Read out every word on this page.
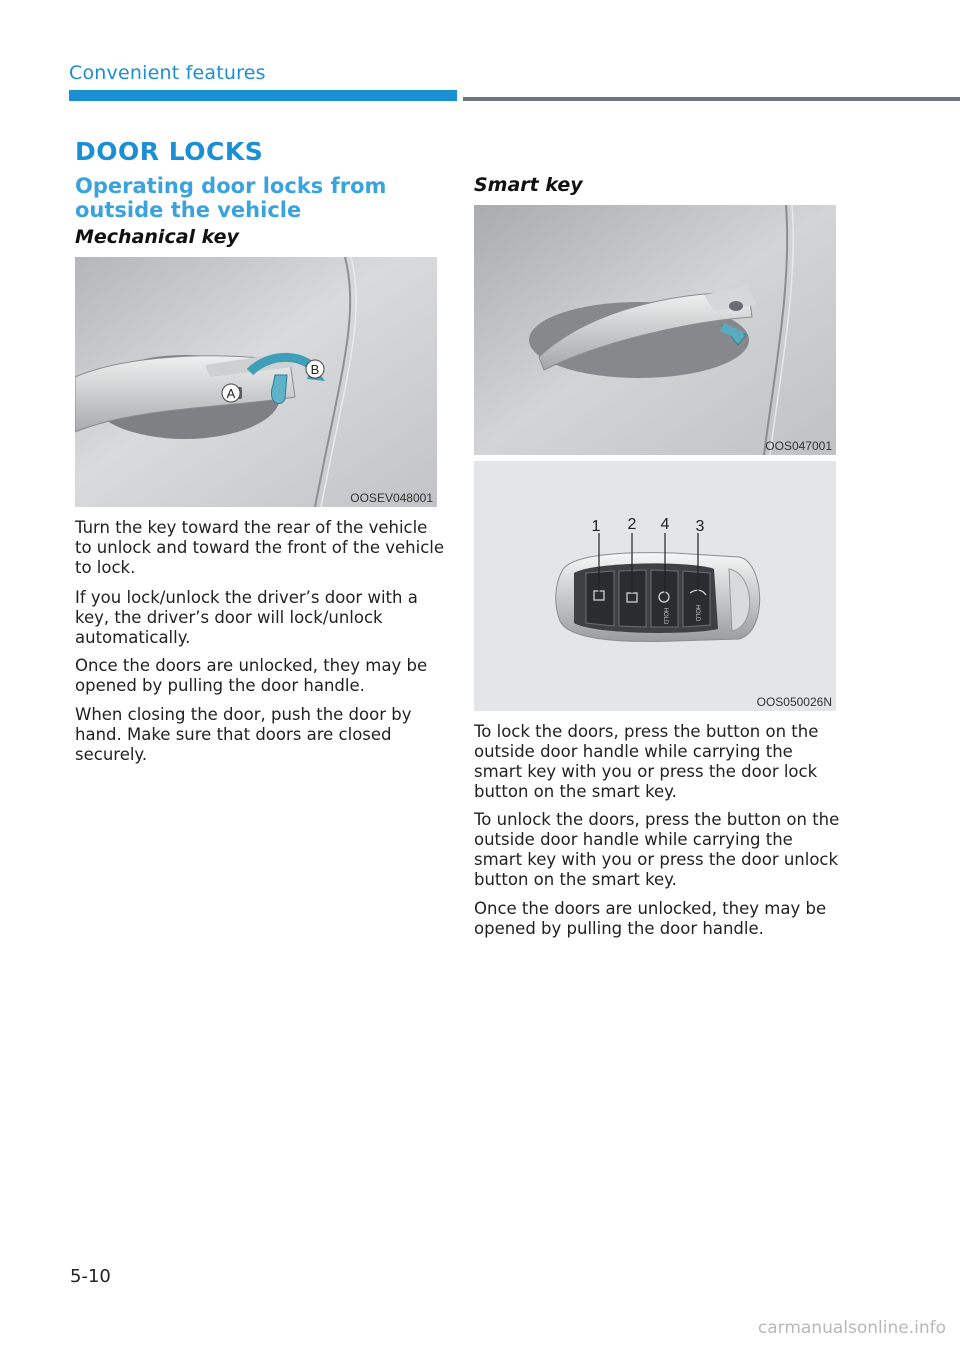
Convenient features
DOOR LOCKS
Operating door locks from outside the vehicle
Mechanical key
A
B
OOSEV048001

Turn the key toward the rear of the vehicle to unlock and toward the front of the vehicle to lock.

If you lock/unlock the driver’s door with a key, the driver’s door will lock/unlock automatically.

Once the doors are unlocked, they may be opened by pulling the door handle.

When closing the door, push the door by hand. Make sure that doors are closed securely.

Smart key
OOS047001
HOLD	HOLD
1 2 4 3
OOS050026N

To lock the doors, press the button on the outside door handle while carrying the smart key with you or press the door lock button on the smart key.

To unlock the doors, press the button on the outside door handle while carrying the smart key with you or press the door unlock button on the smart key.

Once the doors are unlocked, they may be opened by pulling the door handle.

5-10
carmanualsonline.info
